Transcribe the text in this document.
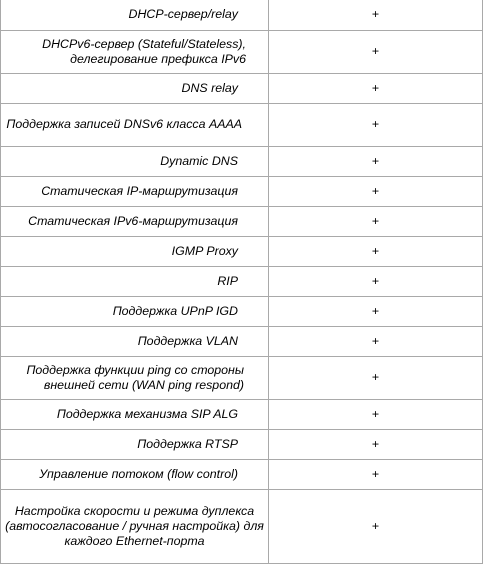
DHCP-сервер/relay	+
DHCPv6-сервер (Stateful/Stateless), делегирование префикса IPv6	+
DNS relay	+
Поддержка записей DNSv6 класса AAAA	+
Dynamic DNS	+
Статическая IP-маршрутизация	+
Статическая IPv6-маршрутизация	+
IGMP Proxy	+
RIP	+
Поддержка UPnP IGD	+
Поддержка VLAN	+
Поддержка функции ping со стороны внешней сети (WAN ping respond)	+
Поддержка механизма SIP ALG	+
Поддержка RTSP	+
Управление потоком (flow control)	+
Настройка скорости и режима дуплекса (автосогласование / ручная настройка) для каждого Ethernet-порта	+
